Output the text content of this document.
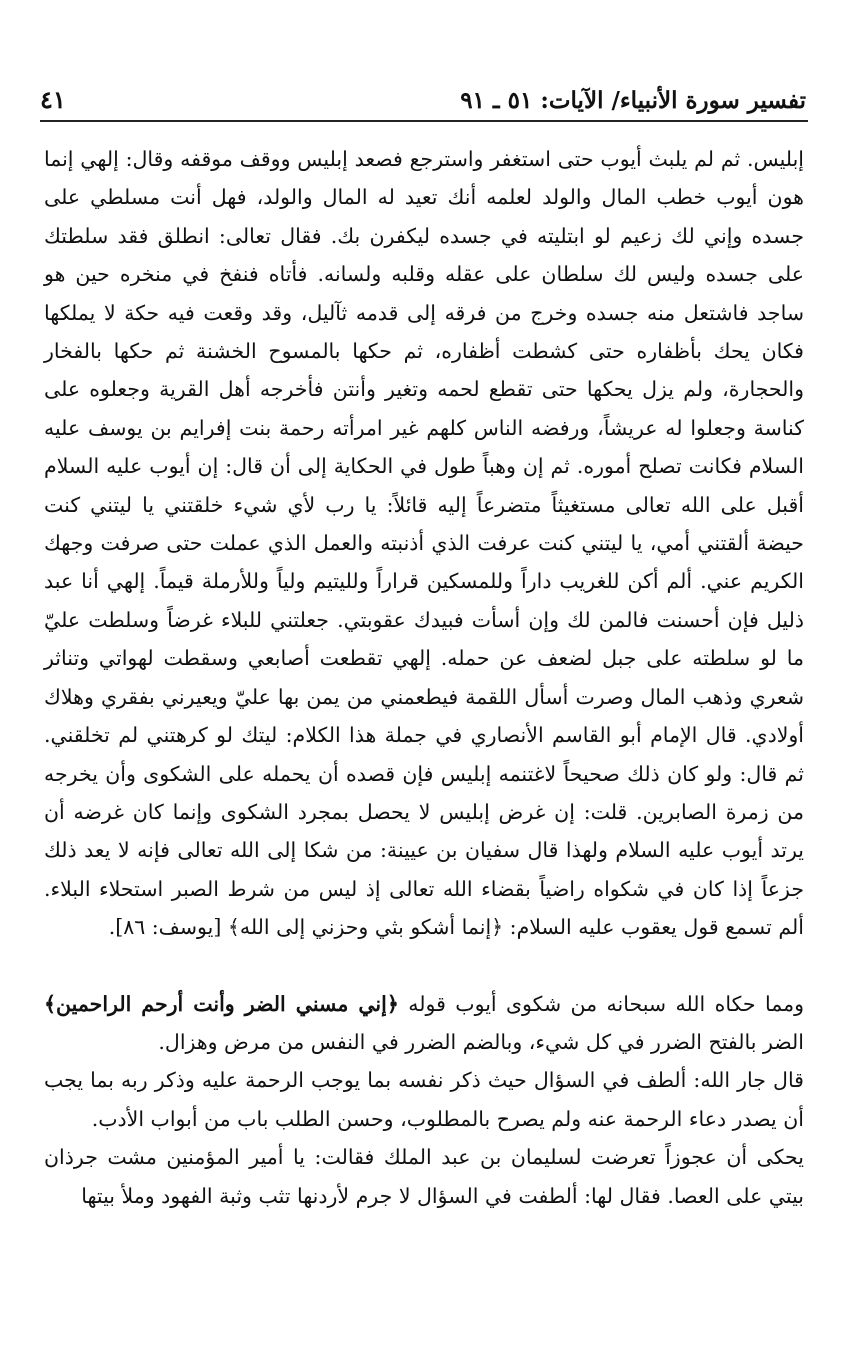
٤١	تفسير سورة الأنبياء/ الآيات: ٥١ ـ ٩١

إبليس. ثم لم يلبث أيوب حتى استغفر واسترجع فصعد إبليس ووقف موقفه وقال: إلهي إنما هون أيوب خطب المال والولد لعلمه أنك تعيد له المال والولد، فهل أنت مسلطي على جسده وإني لك زعيم لو ابتليته في جسده ليكفرن بك. فقال تعالى: انطلق فقد سلطتك على جسده وليس لك سلطان على عقله وقلبه ولسانه. فأتاه فنفخ في منخره حين هو ساجد فاشتعل منه جسده وخرج من فرقه إلى قدمه ثآليل، وقد وقعت فيه حكة لا يملكها فكان يحك بأظفاره حتى كشطت أظفاره، ثم حكها بالمسوح الخشنة ثم حكها بالفخار والحجارة، ولم يزل يحكها حتى تقطع لحمه وتغير وأنتن فأخرجه أهل القرية وجعلوه على كناسة وجعلوا له عريشاً، ورفضه الناس كلهم غير امرأته رحمة بنت إفرايم بن يوسف عليه السلام فكانت تصلح أموره. ثم إن وهباً طول في الحكاية إلى أن قال: إن أيوب عليه السلام أقبل على الله تعالى مستغيثاً متضرعاً إليه قائلاً: يا رب لأي شيء خلقتني يا ليتني كنت حيضة ألقتني أمي، يا ليتني كنت عرفت الذي أذنبته والعمل الذي عملت حتى صرفت وجهك الكريم عني. ألم أكن للغريب داراً وللمسكين قراراً ولليتيم ولياً وللأرملة قيماً. إلهي أنا عبد ذليل فإن أحسنت فالمن لك وإن أسأت فبيدك عقوبتي. جعلتني للبلاء غرضاً وسلطت عليّ ما لو سلطته على جبل لضعف عن حمله. إلهي تقطعت أصابعي وسقطت لهواتي وتناثر شعري وذهب المال وصرت أسأل اللقمة فيطعمني من يمن بها عليّ ويعيرني بفقري وهلاك أولادي. قال الإمام أبو القاسم الأنصاري في جملة هذا الكلام: ليتك لو كرهتني لم تخلقني. ثم قال: ولو كان ذلك صحيحاً لاغتنمه إبليس فإن قصده أن يحمله على الشكوى وأن يخرجه من زمرة الصابرين. قلت: إن غرض إبليس لا يحصل بمجرد الشكوى وإنما كان غرضه أن يرتد أيوب عليه السلام ولهذا قال سفيان بن عيينة: من شكا إلى الله تعالى فإنه لا يعد ذلك جزعاً إذا كان في شكواه راضياً بقضاء الله تعالى إذ ليس من شرط الصبر استحلاء البلاء. ألم تسمع قول يعقوب عليه السلام: ﴿إنما أشكو بثي وحزني إلى الله﴾ [يوسف: ٨٦].

ومما حكاه الله سبحانه من شكوى أيوب قوله ﴿إني مسني الضر وأنت أرحم الراحمين﴾ الضر بالفتح الضرر في كل شيء، وبالضم الضرر في النفس من مرض وهزال.

قال جار الله: ألطف في السؤال حيث ذكر نفسه بما يوجب الرحمة عليه وذكر ربه بما يجب أن يصدر دعاء الرحمة عنه ولم يصرح بالمطلوب، وحسن الطلب باب من أبواب الأدب.

يحكى أن عجوزاً تعرضت لسليمان بن عبد الملك فقالت: يا أمير المؤمنين مشت جرذان بيتي على العصا. فقال لها: ألطفت في السؤال لا جرم لأردنها تثب وثبة الفهود وملأ بيتها
